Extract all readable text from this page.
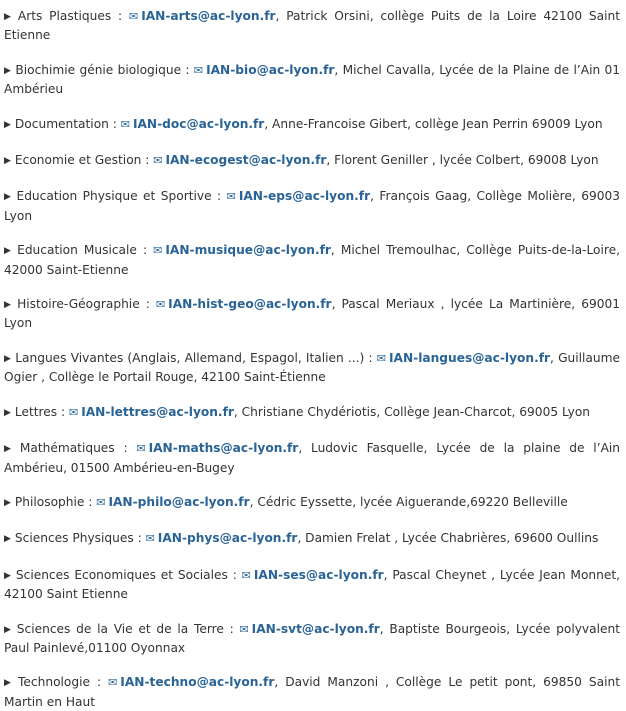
▶ Arts Plastiques : ✉ IAN-arts@ac-lyon.fr, Patrick Orsini, collège Puits de la Loire 42100 Saint Etienne

▶ Biochimie génie biologique : ✉ IAN-bio@ac-lyon.fr, Michel Cavalla, Lycée de la Plaine de l’Ain 01 Ambérieu

▶ Documentation : ✉ IAN-doc@ac-lyon.fr, Anne-Francoise Gibert, collège Jean Perrin 69009 Lyon

▶ Economie et Gestion : ✉ IAN-ecogest@ac-lyon.fr, Florent Geniller , lycée Colbert, 69008 Lyon

▶ Education Physique et Sportive : ✉ IAN-eps@ac-lyon.fr, François Gaag, Collège Molière, 69003 Lyon

▶ Education Musicale : ✉ IAN-musique@ac-lyon.fr, Michel Tremoulhac, Collège Puits-de-la-Loire, 42000 Saint-Etienne

▶ Histoire-Géographie : ✉ IAN-hist-geo@ac-lyon.fr, Pascal Meriaux , lycée La Martinière, 69001 Lyon

▶ Langues Vivantes (Anglais, Allemand, Espagol, Italien ...) : ✉ IAN-langues@ac-lyon.fr, Guillaume Ogier , Collège le Portail Rouge, 42100 Saint-Étienne

▶ Lettres : ✉ IAN-lettres@ac-lyon.fr, Christiane Chydériotis, Collège Jean-Charcot, 69005 Lyon

▶ Mathématiques : ✉ IAN-maths@ac-lyon.fr, Ludovic Fasquelle, Lycée de la plaine de l’Ain Ambérieu, 01500 Ambérieu-en-Bugey

▶ Philosophie : ✉ IAN-philo@ac-lyon.fr, Cédric Eyssette, lycée Aiguerande,69220 Belleville

▶ Sciences Physiques : ✉ IAN-phys@ac-lyon.fr, Damien Frelat , Lycée Chabrières, 69600 Oullins

▶ Sciences Economiques et Sociales : ✉ IAN-ses@ac-lyon.fr, Pascal Cheynet , Lycée Jean Monnet, 42100 Saint Etienne

▶ Sciences de la Vie et de la Terre : ✉ IAN-svt@ac-lyon.fr, Baptiste Bourgeois, Lycée polyvalent Paul Painlevé,01100 Oyonnax

▶ Technologie : ✉ IAN-techno@ac-lyon.fr, David Manzoni , Collège Le petit pont, 69850 Saint Martin en Haut
